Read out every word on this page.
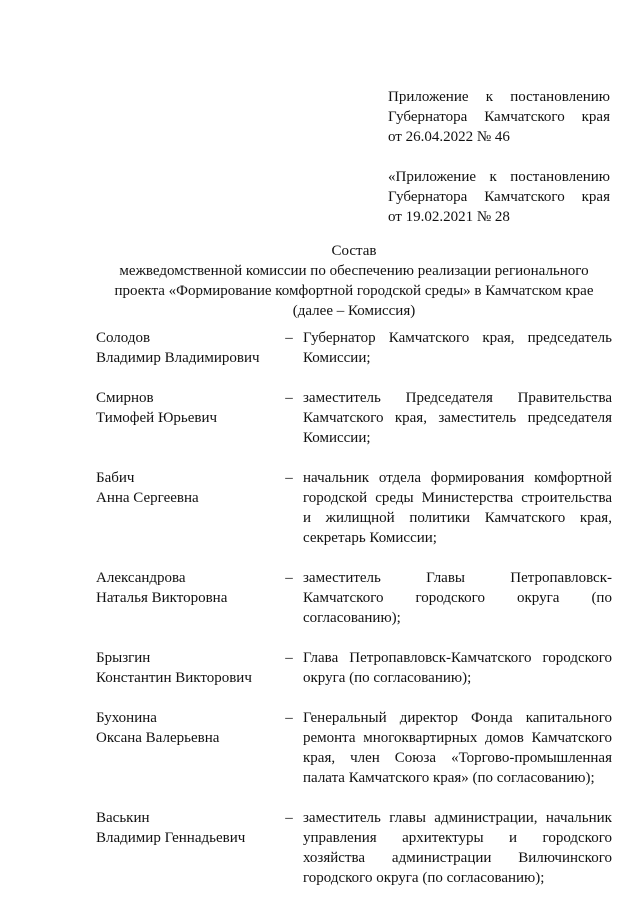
Приложение к постановлению
Губернатора Камчатского края
от 26.04.2022 № 46
«Приложение к постановлению
Губернатора Камчатского края
от 19.02.2021 № 28
Состав
межведомственной комиссии по обеспечению реализации регионального
проекта «Формирование комфортной городской среды» в Камчатском крае
(далее – Комиссия)
Солодов
Владимир Владимирович
– Губернатор Камчатского края, председатель
Комиссии;
Смирнов
Тимофей Юрьевич
– заместитель Председателя Правительства
Камчатского края, заместитель председателя
Комиссии;
Бабич
Анна Сергеевна
– начальник отдела формирования комфортной
городской среды Министерства строительства
и жилищной политики Камчатского края,
секретарь Комиссии;
Александрова
Наталья Викторовна
– заместитель	Главы	Петропавловск-
Камчатского городского округа (по
согласованию);
Брызгин
Константин Викторович
– Глава Петропавловск-Камчатского городского
округа (по согласованию);
Бухонина
Оксана Валерьевна
– Генеральный директор Фонда капитального
ремонта многоквартирных домов Камчатского
края, член Союза «Торгово-промышленная
палата Камчатского края» (по согласованию);
Васькин
Владимир Геннадьевич
– заместитель главы администрации, начальник
управления архитектуры и городского
хозяйства администрации Вилючинского
городского округа (по согласованию);
